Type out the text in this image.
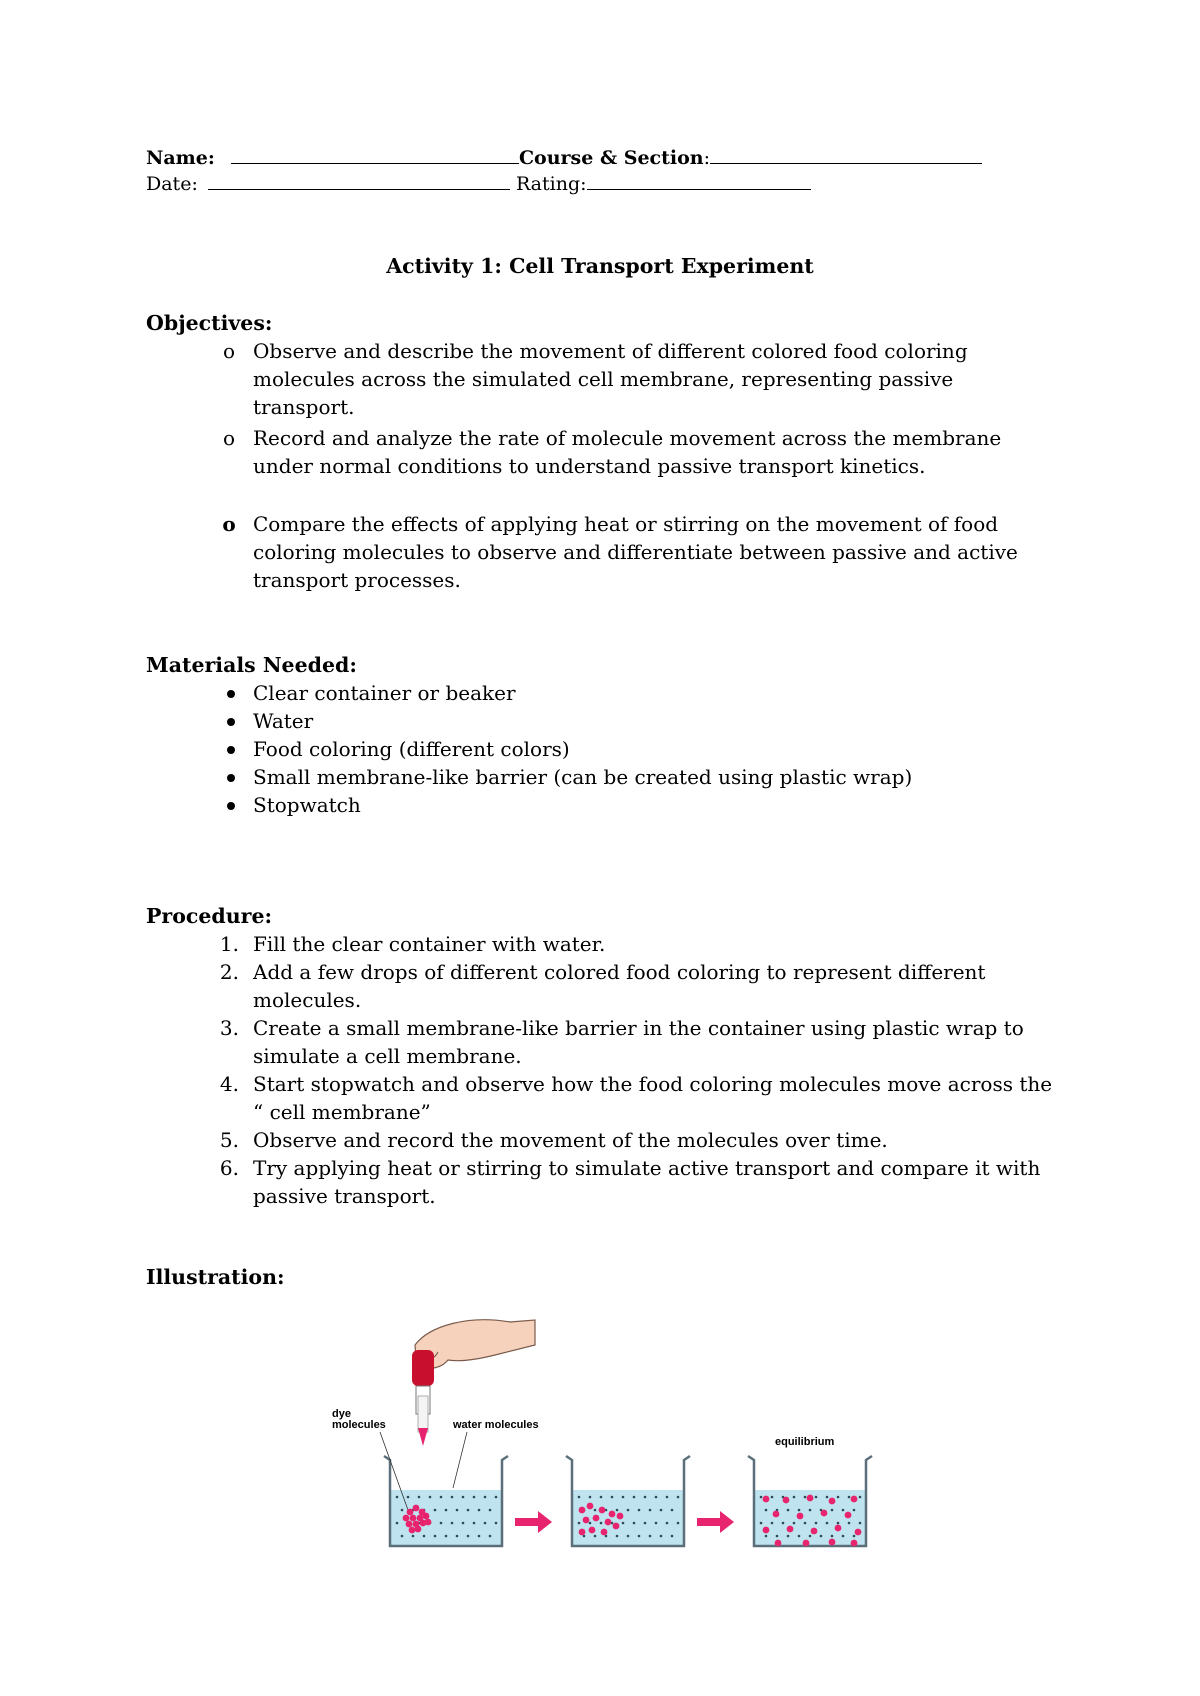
Name:	Course & Section:
Date:	Rating:
Activity 1: Cell Transport Experiment
Objectives:
o Observe and describe the movement of different colored food coloring molecules across the simulated cell membrane, representing passive transport.
o Record and analyze the rate of molecule movement across the membrane under normal conditions to understand passive transport kinetics.
o Compare the effects of applying heat or stirring on the movement of food coloring molecules to observe and differentiate between passive and active transport processes.
Materials Needed:
Clear container or beaker
Water
Food coloring (different colors)
Small membrane-like barrier (can be created using plastic wrap)
Stopwatch
Procedure:
1. Fill the clear container with water.
2. Add a few drops of different colored food coloring to represent different molecules.
3. Create a small membrane-like barrier in the container using plastic wrap to simulate a cell membrane.
4. Start stopwatch and observe how the food coloring molecules move across the “ cell membrane”
5. Observe and record the movement of the molecules over time.
6. Try applying heat or stirring to simulate active transport and compare it with passive transport.
Illustration:
dye
molecules	water molecules
equilibrium
